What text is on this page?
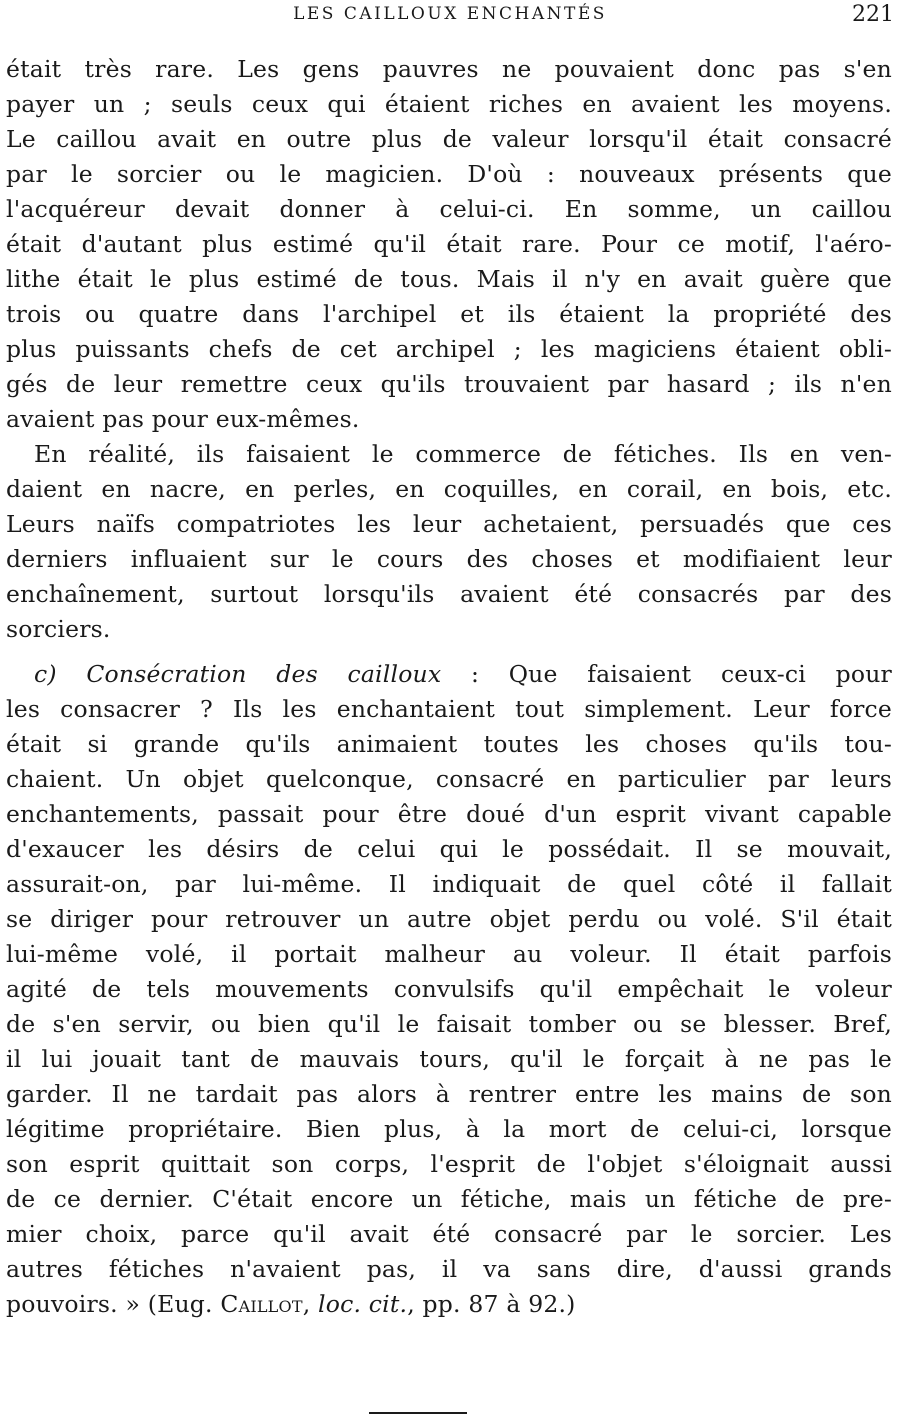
LES CAILLOUX ENCHANTÉS	221
était très rare. Les gens pauvres ne pouvaient donc pas s'en
payer un ; seuls ceux qui étaient riches en avaient les moyens.
Le caillou avait en outre plus de valeur lorsqu'il était consacré
par le sorcier ou le magicien. D'où : nouveaux présents que
l'acquéreur devait donner à celui-ci. En somme, un caillou
était d'autant plus estimé qu'il était rare. Pour ce motif, l'aéro-
lithe était le plus estimé de tous. Mais il n'y en avait guère que
trois ou quatre dans l'archipel et ils étaient la propriété des
plus puissants chefs de cet archipel ; les magiciens étaient obli-
gés de leur remettre ceux qu'ils trouvaient par hasard ; ils n'en
avaient pas pour eux-mêmes.
En réalité, ils faisaient le commerce de fétiches. Ils en ven-
daient en nacre, en perles, en coquilles, en corail, en bois, etc.
Leurs naïfs compatriotes les leur achetaient, persuadés que ces
derniers influaient sur le cours des choses et modifiaient leur
enchaînement, surtout lorsqu'ils avaient été consacrés par des
sorciers.
c) Consécration des cailloux : Que faisaient ceux-ci pour
les consacrer ? Ils les enchantaient tout simplement. Leur force
était si grande qu'ils animaient toutes les choses qu'ils tou-
chaient. Un objet quelconque, consacré en particulier par leurs
enchantements, passait pour être doué d'un esprit vivant capable
d'exaucer les désirs de celui qui le possédait. Il se mouvait,
assurait-on, par lui-même. Il indiquait de quel côté il fallait
se diriger pour retrouver un autre objet perdu ou volé. S'il était
lui-même volé, il portait malheur au voleur. Il était parfois
agité de tels mouvements convulsifs qu'il empêchait le voleur
de s'en servir, ou bien qu'il le faisait tomber ou se blesser. Bref,
il lui jouait tant de mauvais tours, qu'il le forçait à ne pas le
garder. Il ne tardait pas alors à rentrer entre les mains de son
légitime propriétaire. Bien plus, à la mort de celui-ci, lorsque
son esprit quittait son corps, l'esprit de l'objet s'éloignait aussi
de ce dernier. C'était encore un fétiche, mais un fétiche de pre-
mier choix, parce qu'il avait été consacré par le sorcier. Les
autres fétiches n'avaient pas, il va sans dire, d'aussi grands
pouvoirs. » (Eug. Caillot, loc. cit., pp. 87 à 92.)
